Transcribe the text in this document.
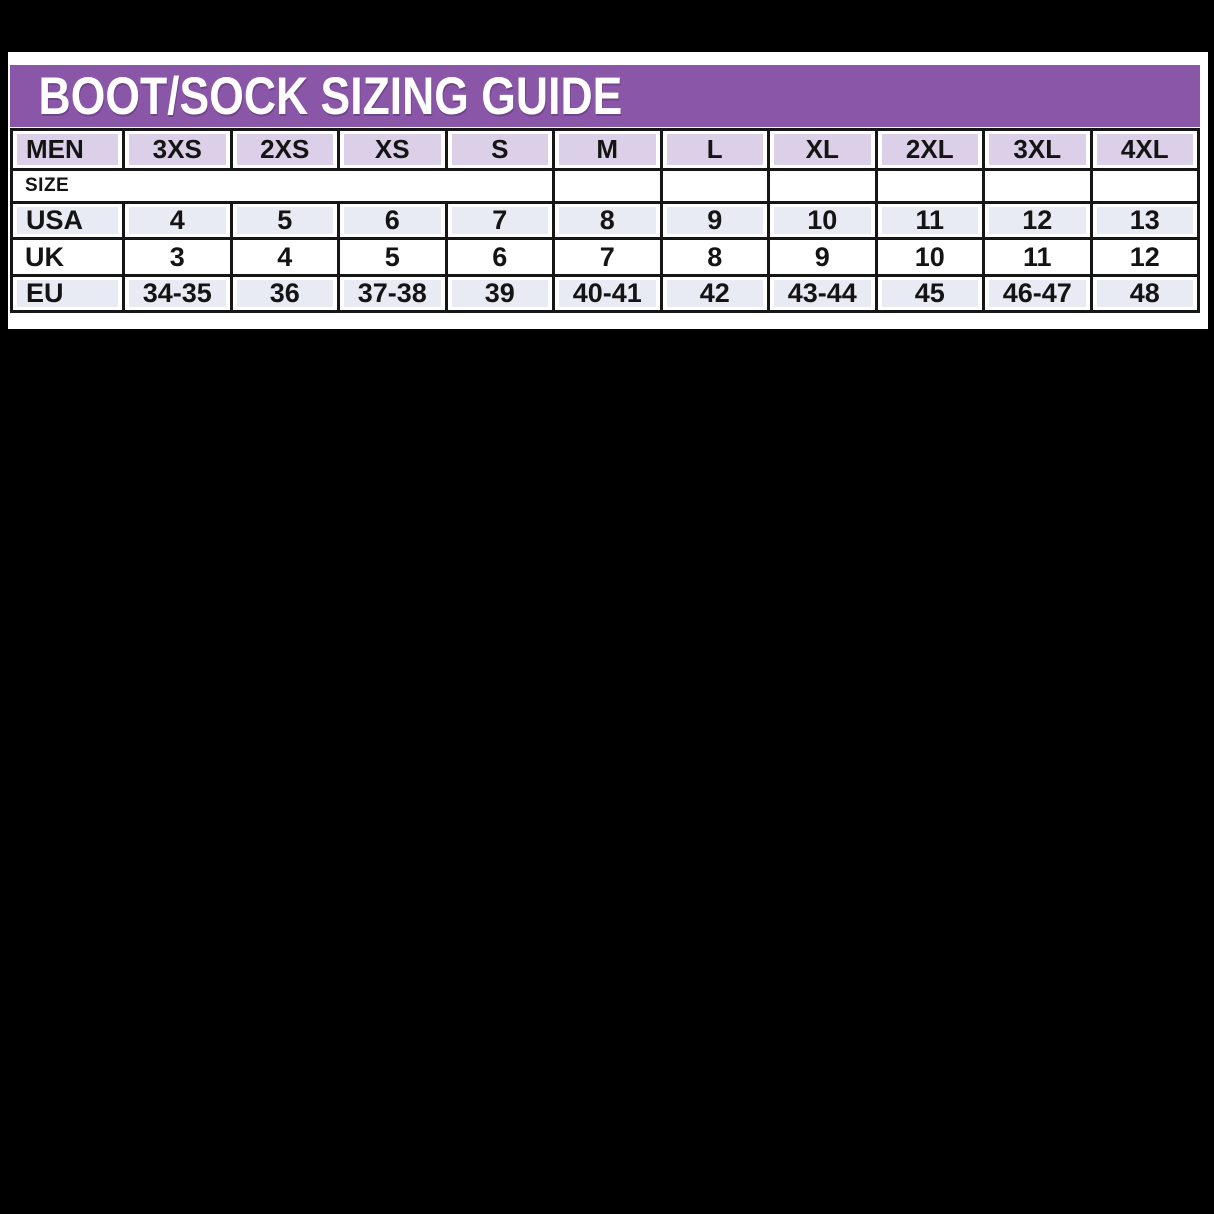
BOOT/SOCK SIZING GUIDE
MEN	3XS	2XS	XS	S	M	L	XL	2XL	3XL	4XL

SIZE										

USA	4	5	6	7	8	9	10	11	12	13

UK	3	4	5	6	7	8	9	10	11	12

EU	34-35	36	37-38	39	40-41	42	43-44	45	46-47	48
